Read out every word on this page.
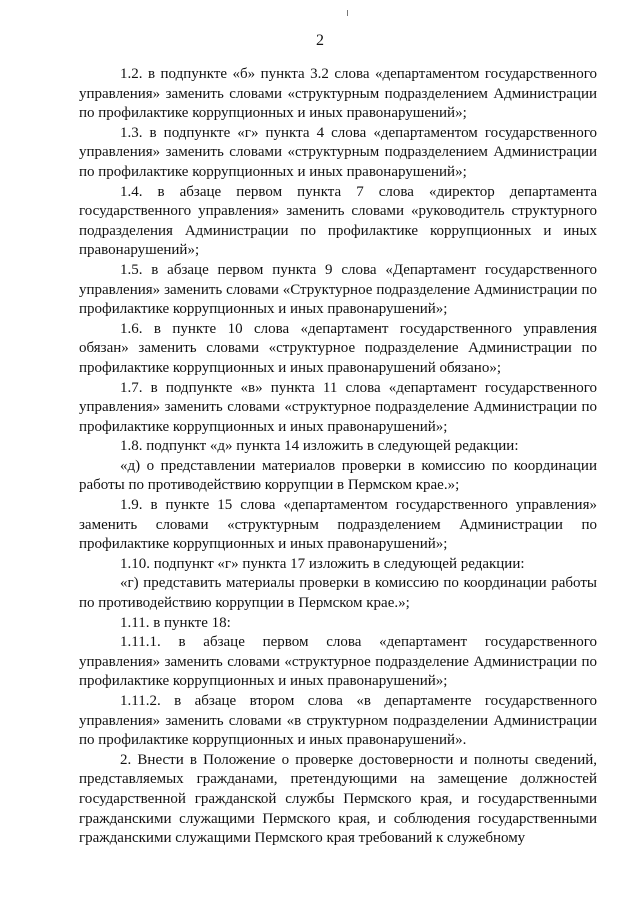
2

1.2. в подпункте «б» пункта 3.2 слова «департаментом государственного управления» заменить словами «структурным подразделением Администрации по профилактике коррупционных и иных правонарушений»;

1.3. в подпункте «г» пункта 4 слова «департаментом государственного управления» заменить словами «структурным подразделением Администрации по профилактике коррупционных и иных правонарушений»;

1.4. в абзаце первом пункта 7 слова «директор департамента государственного управления» заменить словами «руководитель структурного подразделения Администрации по профилактике коррупционных и иных правонарушений»;

1.5. в абзаце первом пункта 9 слова «Департамент государственного управления» заменить словами «Структурное подразделение Администрации по профилактике коррупционных и иных правонарушений»;

1.6. в пункте 10 слова «департамент государственного управления обязан» заменить словами «структурное подразделение Администрации по профилактике коррупционных и иных правонарушений обязано»;

1.7. в подпункте «в» пункта 11 слова «департамент государственного управления» заменить словами «структурное подразделение Администрации по профилактике коррупционных и иных правонарушений»;

1.8. подпункт «д» пункта 14 изложить в следующей редакции:

«д) о представлении материалов проверки в комиссию по координации работы по противодействию коррупции в Пермском крае.»;

1.9. в пункте 15 слова «департаментом государственного управления» заменить словами «структурным подразделением Администрации по профилактике коррупционных и иных правонарушений»;

1.10. подпункт «г» пункта 17 изложить в следующей редакции:

«г) представить материалы проверки в комиссию по координации работы по противодействию коррупции в Пермском крае.»;

1.11. в пункте 18:

1.11.1. в абзаце первом слова «департамент государственного управления» заменить словами «структурное подразделение Администрации по профилактике коррупционных и иных правонарушений»;

1.11.2. в абзаце втором слова «в департаменте государственного управления» заменить словами «в структурном подразделении Администрации по профилактике коррупционных и иных правонарушений».

2. Внести в Положение о проверке достоверности и полноты сведений, представляемых гражданами, претендующими на замещение должностей государственной гражданской службы Пермского края, и государственными гражданскими служащими Пермского края, и соблюдения государственными гражданскими служащими Пермского края требований к служебному
